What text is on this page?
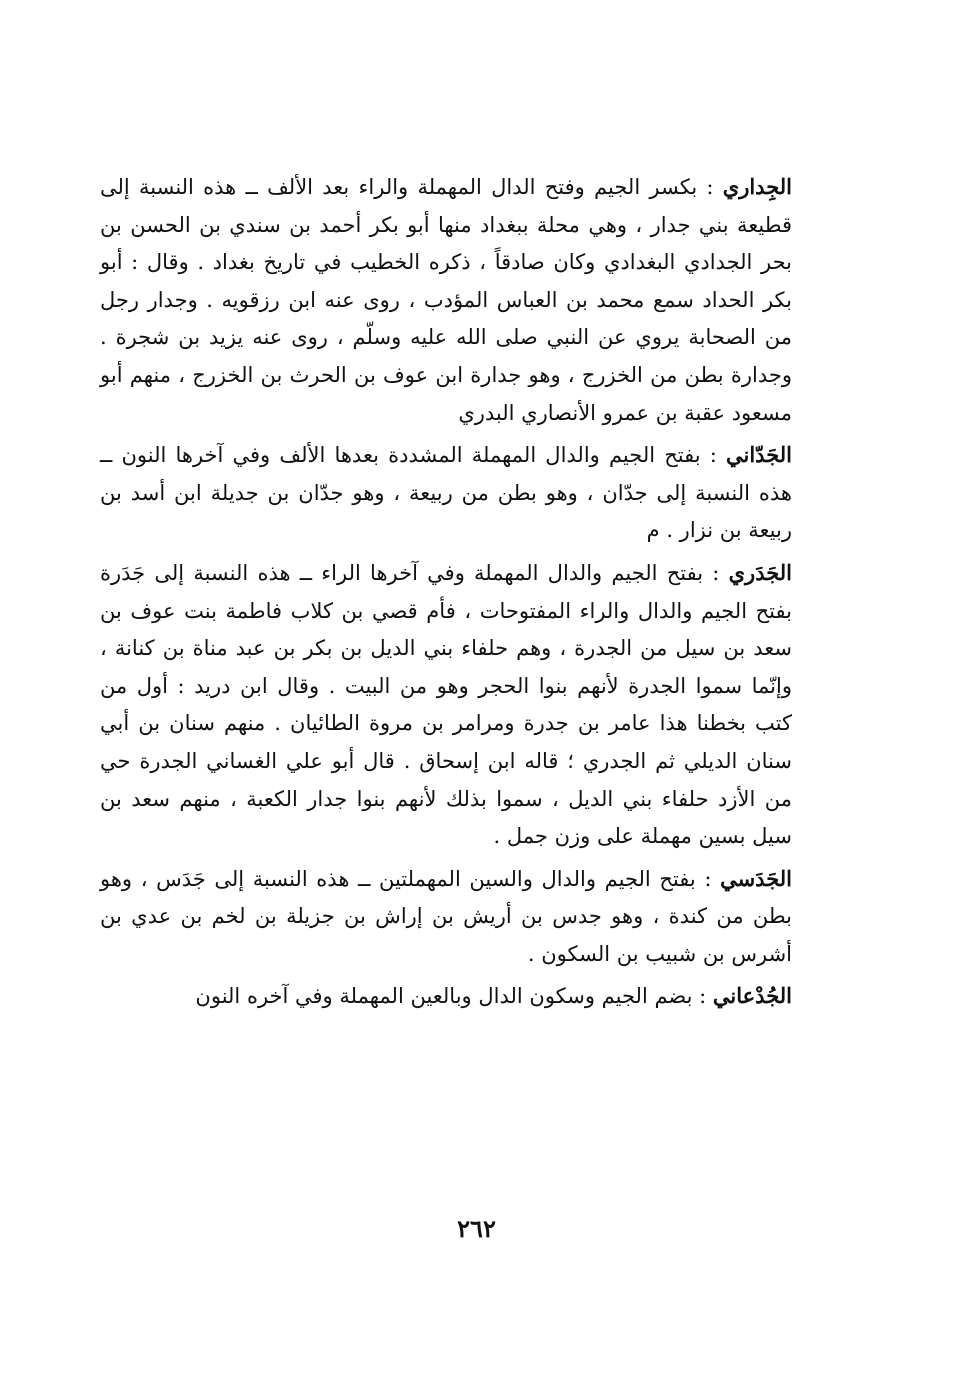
الجِداري : بكسر الجيم وفتح الدال المهملة والراء بعد الألف ــ هذه النسبة إلى قطيعة بني جدار ، وهي محلة ببغداد منها أبو بكر أحمد بن سندي بن الحسن بن بحر الجدادي البغدادي وكان صادقاً ، ذكره الخطيب في تاريخ بغداد . وقال : أبو بكر الحداد سمع محمد بن العباس المؤدب ، روى عنه ابن رزقويه . وجدار رجل من الصحابة يروي عن النبي صلى الله عليه وسلّم ، روى عنه يزيد بن شجرة . وجدارة بطن من الخزرج ، وهو جدارة ابن عوف بن الحرث بن الخزرج ، منهم أبو مسعود عقبة بن عمرو الأنصاري البدري

الجَدّاني : بفتح الجيم والدال المهملة المشددة بعدها الألف وفي آخرها النون ــ هذه النسبة إلى جدّان ، وهو بطن من ربيعة ، وهو جدّان بن جديلة ابن أسد بن ربيعة بن نزار . م

الجَدَري : بفتح الجيم والدال المهملة وفي آخرها الراء ــ هذه النسبة إلى جَدَرة بفتح الجيم والدال والراء المفتوحات ، فأم قصي بن كلاب فاطمة بنت عوف بن سعد بن سيل من الجدرة ، وهم حلفاء بني الديل بن بكر بن عبد مناة بن كنانة ، وإنّما سموا الجدرة لأنهم بنوا الحجر وهو من البيت . وقال ابن دريد : أول من كتب بخطنا هذا عامر بن جدرة ومرامر بن مروة الطائيان . منهم سنان بن أبي سنان الديلي ثم الجدري ؛ قاله ابن إسحاق . قال أبو علي الغساني الجدرة حي من الأزد حلفاء بني الديل ، سموا بذلك لأنهم بنوا جدار الكعبة ، منهم سعد بن سيل بسين مهملة على وزن جمل .

الجَدَسي : بفتح الجيم والدال والسين المهملتين ــ هذه النسبة إلى جَدَس ، وهو بطن من كندة ، وهو جدس بن أريش بن إراش بن جزيلة بن لخم بن عدي بن أشرس بن شبيب بن السكون .

الجُدْعاني : بضم الجيم وسكون الدال وبالعين المهملة وفي آخره النون

٢٦٢
